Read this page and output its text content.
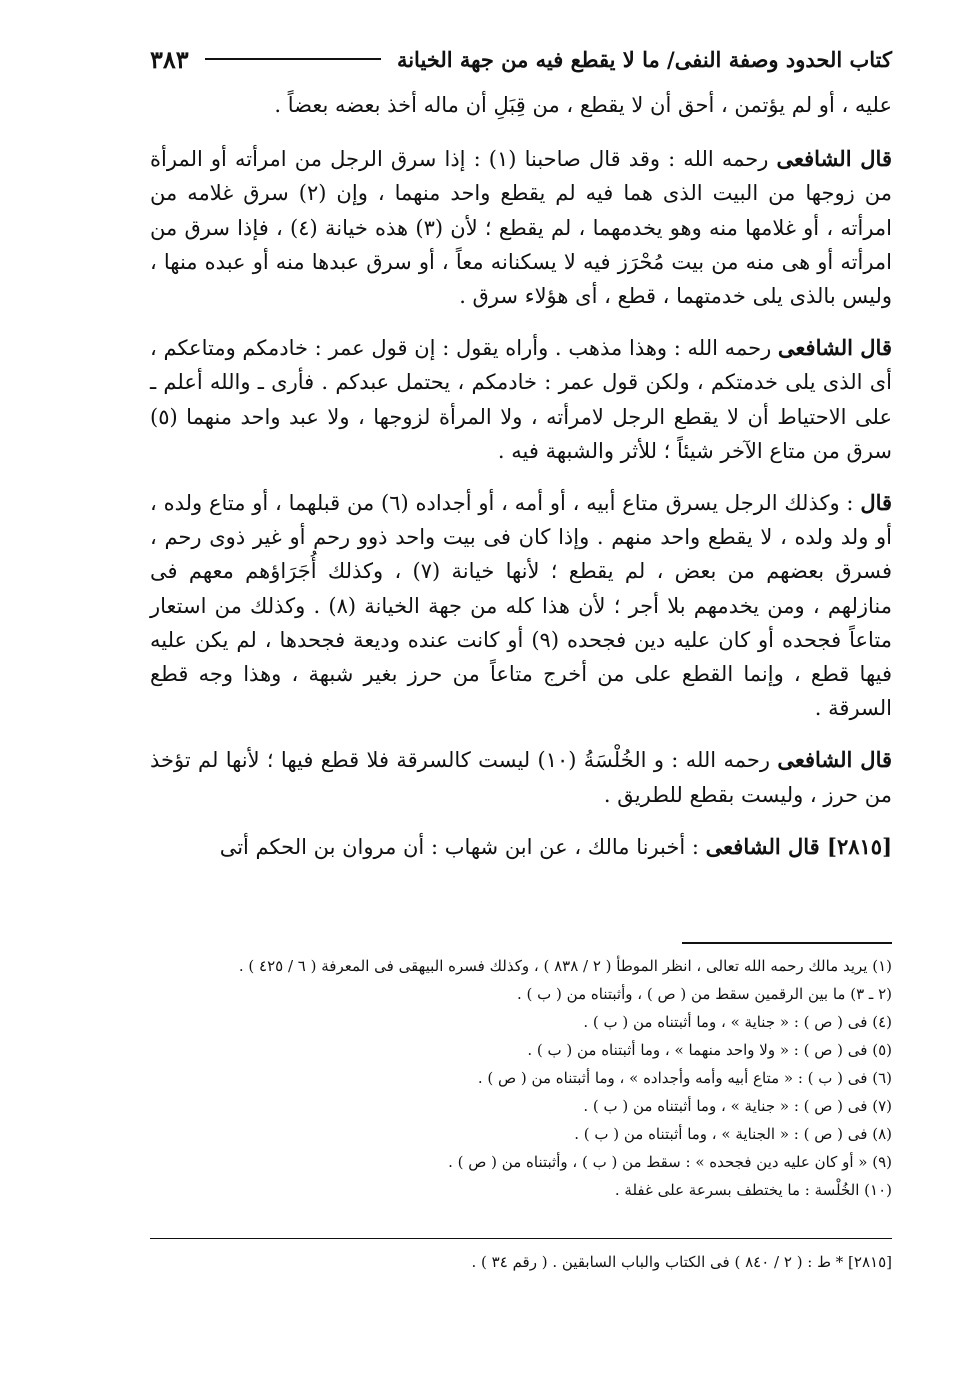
كتاب الحدود وصفة النفى/ ما لا يقطع فيه من جهة الخيانة
٣٨٣

عليه ، أو لم يؤتمن ، أحق أن لا يقطع ، من قِبَلِ أن ماله أخذ بعضه بعضاً .

قال الشافعى رحمه الله : وقد قال صاحبنا (١) : إذا سرق الرجل من امرأته أو المرأة من زوجها من البيت الذى هما فيه لم يقطع واحد منهما ، وإن (٢) سرق غلامه من امرأته ، أو غلامها منه وهو يخدمهما ، لم يقطع ؛ لأن (٣) هذه خيانة (٤) ، فإذا سرق من امرأته أو هى منه من بيت مُحْرَز فيه لا يسكنانه معاً ، أو سرق عبدها منه أو عبده منها ، وليس بالذى يلى خدمتهما ، قطع ، أى هؤلاء سرق .

قال الشافعى رحمه الله : وهذا مذهب . وأراه يقول : إن قول عمر : خادمكم ومتاعكم ، أى الذى يلى خدمتكم ، ولكن قول عمر : خادمكم ، يحتمل عبدكم . فأرى ـ والله أعلم ـ على الاحتياط أن لا يقطع الرجل لامرأته ، ولا المرأة لزوجها ، ولا عبد واحد منهما (٥) سرق من متاع الآخر شيئاً ؛ للأثر والشبهة فيه .

قال : وكذلك الرجل يسرق متاع أبيه ، أو أمه ، أو أجداده (٦) من قبلهما ، أو متاع ولده ، أو ولد ولده ، لا يقطع واحد منهم . وإذا كان فى بيت واحد ذوو رحم أو غير ذوى رحم ، فسرق بعضهم من بعض ، لم يقطع ؛ لأنها خيانة (٧) ، وكذلك أُجَرَاؤهم معهم فى منازلهم ، ومن يخدمهم بلا أجر ؛ لأن هذا كله من جهة الخيانة (٨) . وكذلك من استعار متاعاً فجحده أو كان عليه دين فجحده (٩) أو كانت عنده وديعة فجحدها ، لم يكن عليه فيها قطع ، وإنما القطع على من أخرج متاعاً من حرز بغير شبهة ، وهذا وجه قطع السرقة .

قال الشافعى رحمه الله : و الخُلْسَةُ (١٠) ليست كالسرقة فلا قطع فيها ؛ لأنها لم تؤخذ من حرز ، وليست بقطع للطريق .

[٢٨١٥] قال الشافعى : أخبرنا مالك ، عن ابن شهاب : أن مروان بن الحكم أتى

(١) يريد مالك رحمه الله تعالى ، انظر الموطأ ( ٢ / ٨٣٨ ) ، وكذلك فسره البيهقى فى المعرفة ( ٦ / ٤٢٥ ) .

(٢ ـ ٣) ما بين الرقمين سقط من ( ص ) ، وأثبتناه من ( ب ) .

(٤) فى ( ص ) : « جناية » ، وما أثبتناه من ( ب ) .

(٥) فى ( ص ) : « ولا واحد منهما » ، وما أثبتناه من ( ب ) .

(٦) فى ( ب ) : « متاع أبيه وأمه وأجداده » ، وما أثبتناه من ( ص ) .

(٧) فى ( ص ) : « جناية » ، وما أثبتناه من ( ب ) .

(٨) فى ( ص ) : « الجناية » ، وما أثبتناه من ( ب ) .

(٩) « أو كان عليه دين فجحده » : سقط من ( ب ) ، وأثبتناه من ( ص ) .

(١٠) الخُلْسة : ما يختطف بسرعة على غفلة .

[٢٨١٥] * ط : ( ٢ / ٨٤٠ ) فى الكتاب والباب السابقين . ( رقم ٣٤ ) .
